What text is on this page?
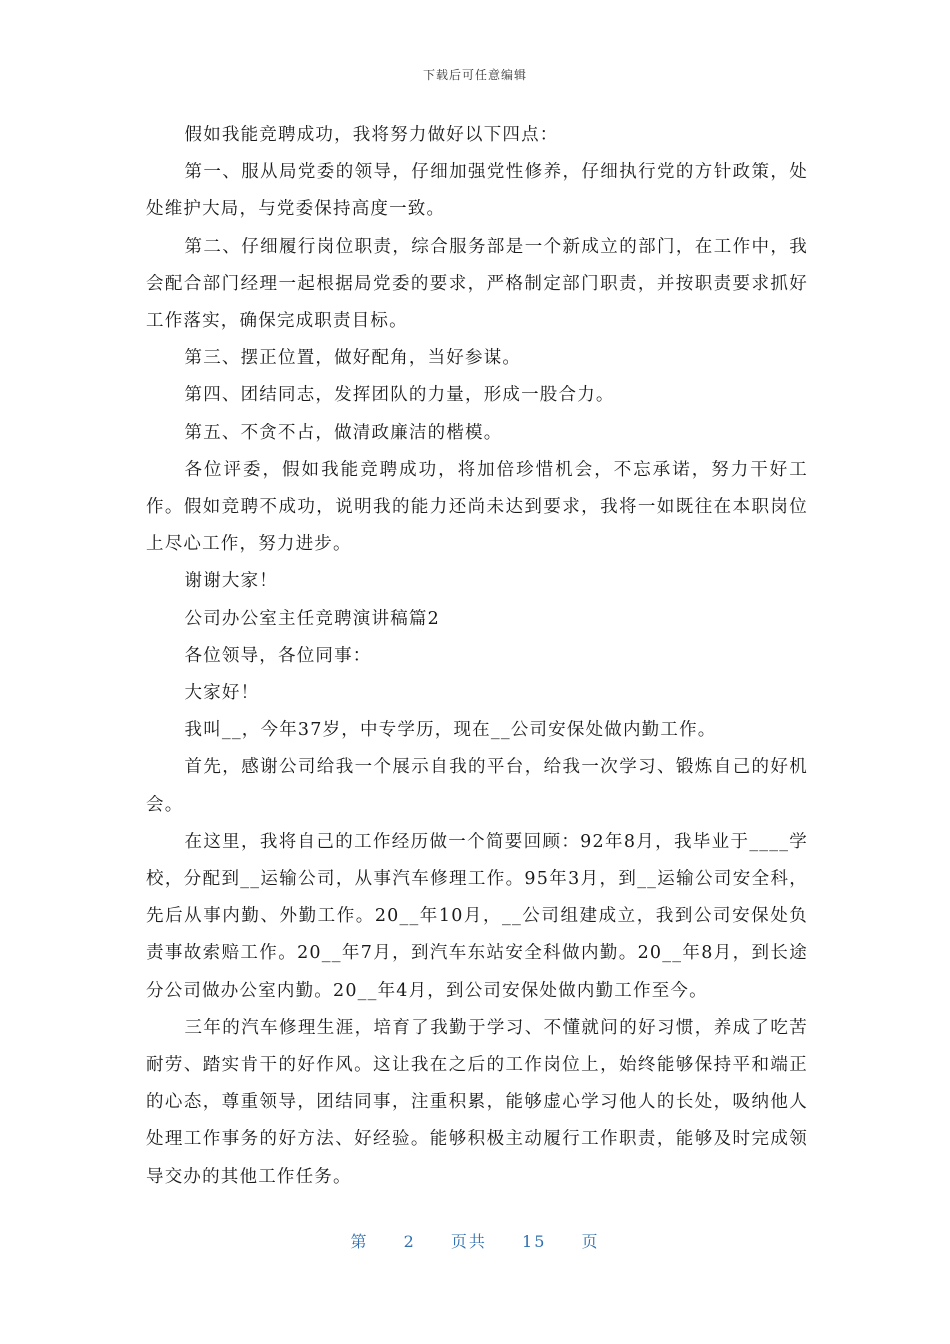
下载后可任意编辑

假如我能竞聘成功，我将努力做好以下四点：

第一、服从局党委的领导，仔细加强党性修养，仔细执行党的方针政策，处处维护大局，与党委保持高度一致。

第二、仔细履行岗位职责，综合服务部是一个新成立的部门，在工作中，我会配合部门经理一起根据局党委的要求，严格制定部门职责，并按职责要求抓好工作落实，确保完成职责目标。

第三、摆正位置，做好配角，当好参谋。

第四、团结同志，发挥团队的力量，形成一股合力。

第五、不贪不占，做清政廉洁的楷模。

各位评委，假如我能竞聘成功，将加倍珍惜机会，不忘承诺，努力干好工作。假如竞聘不成功，说明我的能力还尚未达到要求，我将一如既往在本职岗位上尽心工作，努力进步。

谢谢大家！

公司办公室主任竞聘演讲稿篇2

各位领导，各位同事：

大家好！

我叫__，今年37岁，中专学历，现在__公司安保处做内勤工作。

首先，感谢公司给我一个展示自我的平台，给我一次学习、锻炼自己的好机会。

在这里，我将自己的工作经历做一个简要回顾：92年8月，我毕业于____学校，分配到__运输公司，从事汽车修理工作。95年3月，到__运输公司安全科，先后从事内勤、外勤工作。20__年10月，__公司组建成立，我到公司安保处负责事故索赔工作。20__年7月，到汽车东站安全科做内勤。20__年8月，到长途分公司做办公室内勤。20__年4月，到公司安保处做内勤工作至今。

三年的汽车修理生涯，培育了我勤于学习、不懂就问的好习惯，养成了吃苦耐劳、踏实肯干的好作风。这让我在之后的工作岗位上，始终能够保持平和端正的心态，尊重领导，团结同事，注重积累，能够虚心学习他人的长处，吸纳他人处理工作事务的好方法、好经验。能够积极主动履行工作职责，能够及时完成领导交办的其他工作任务。

第 2 页共 15 页
